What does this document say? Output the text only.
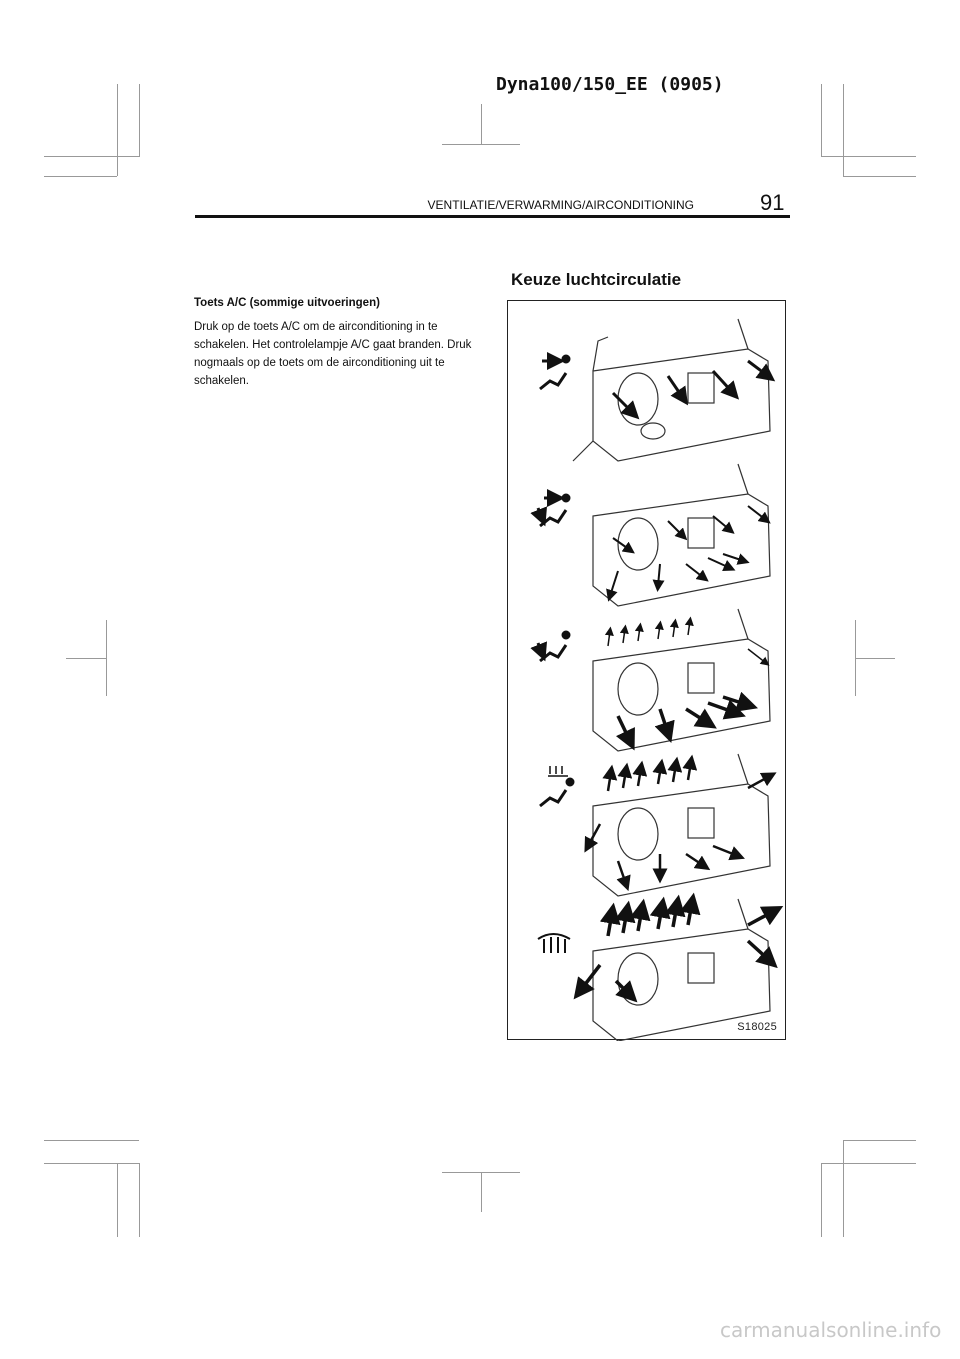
Dyna100/150_EE (0905)
VENTILATIE/VERWARMING/AIRCONDITIONING	91
Keuze luchtcirculatie
Toets A/C (sommige uitvoeringen)
Druk op de toets A/C om de airconditioning in te schakelen. Het controlelampje A/C gaat branden. Druk nogmaals op de toets om de airconditioning uit te schakelen.
S18025
carmanualsonline.info
